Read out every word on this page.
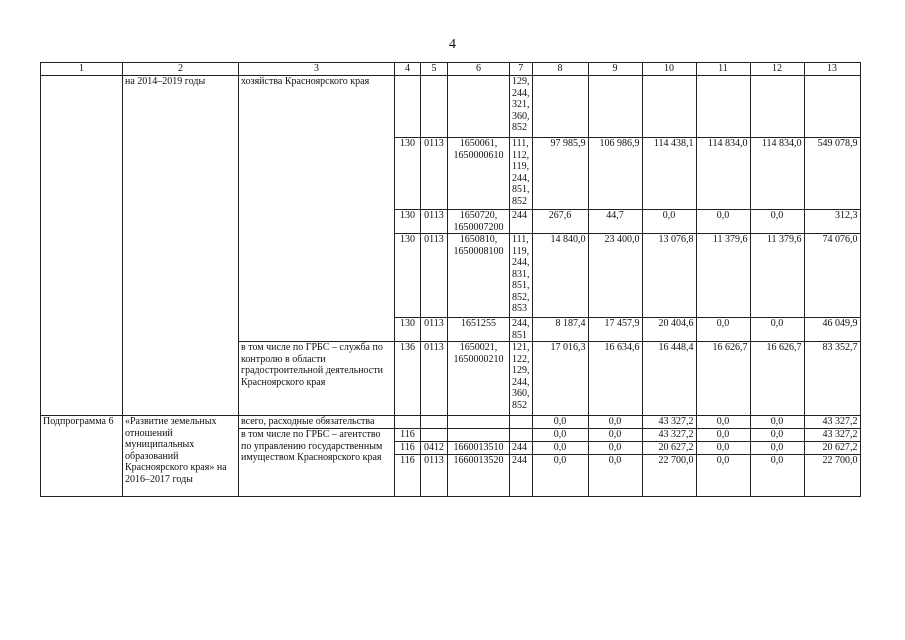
4
1	2	3	4	5	6	7	8	9	10	11	12	13
	на 2014–2019 годы	хозяйства Красноярского края				129, 244, 321, 360, 852						
			130	0113	1650061, 1650000610	111, 112, 119, 244, 851, 852	97 985,9	106 986,9	114 438,1	114 834,0	114 834,0	549 078,9
			130	0113	1650720, 1650007200	244	267,6	44,7	0,0	0,0	0,0	312,3
			130	0113	1650810, 1650008100	111, 119, 244, 831, 851, 852, 853	14 840,0	23 400,0	13 076,8	11 379,6	11 379,6	74 076,0
			130	0113	1651255	244, 851	8 187,4	17 457,9	20 404,6	0,0	0,0	46 049,9
		в том числе по ГРБС – служба по контролю в области градостроительной деятельности Красноярского края	136	0113	1650021, 1650000210	121, 122, 129, 244, 360, 852	17 016,3	16 634,6	16 448,4	16 626,7	16 626,7	83 352,7
Подпрограмма 6	«Развитие земельных отношений муниципальных образований Красноярского края» на 2016–2017 годы	всего, расходные обязательства					0,0	0,0	43 327,2	0,0	0,0	43 327,2
		в том числе по ГРБС – агентство по управлению государственным имуществом Красноярского края	116				0,0	0,0	43 327,2	0,0	0,0	43 327,2
			116	0412	1660013510	244	0,0	0,0	20 627,2	0,0	0,0	20 627,2
			116	0113	1660013520	244	0,0	0,0	22 700,0	0,0	0,0	22 700,0
